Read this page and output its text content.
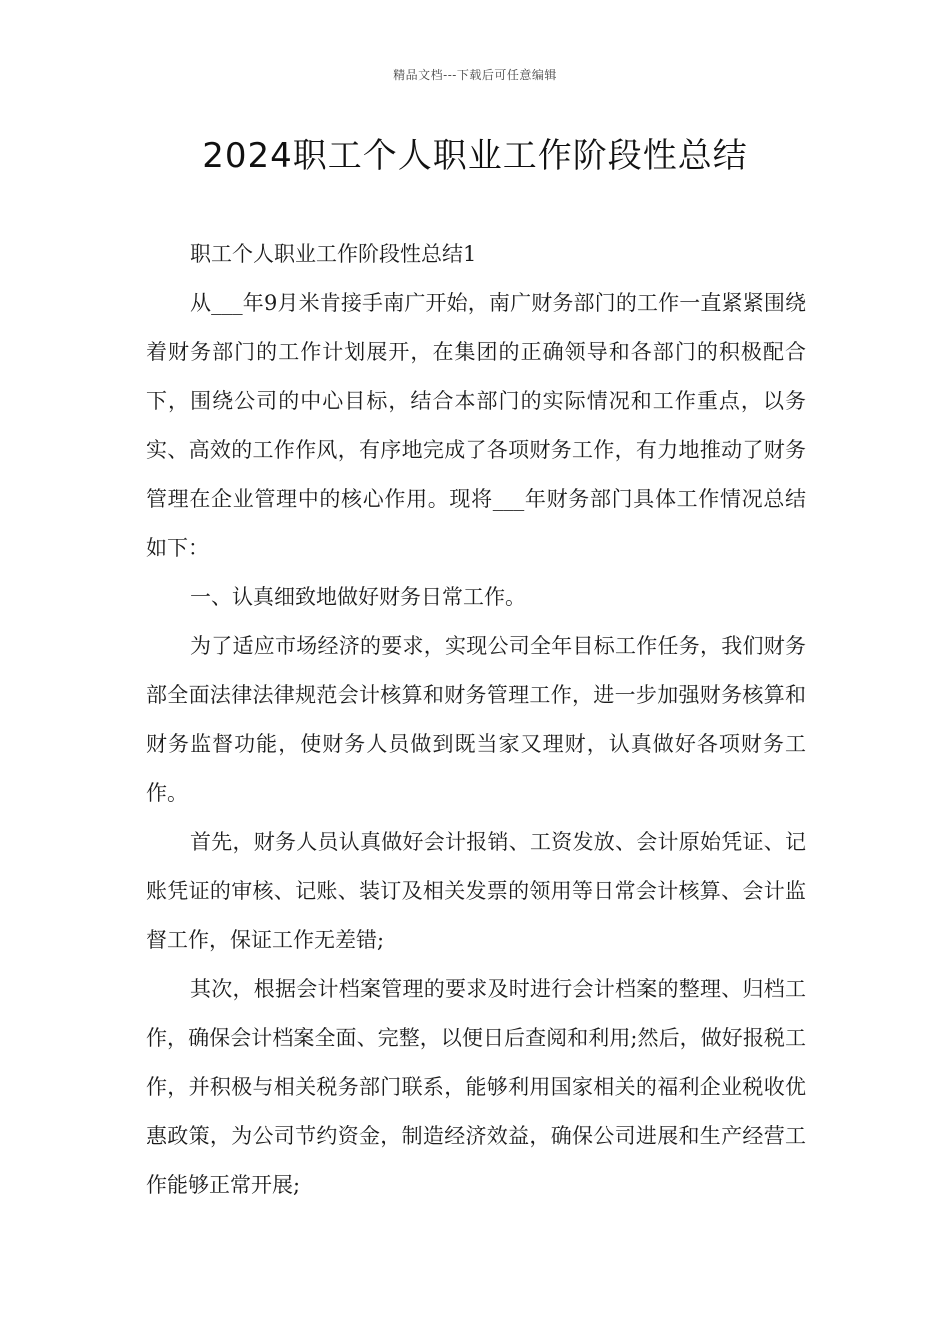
精品文档---下载后可任意编辑
2024职工个人职业工作阶段性总结

职工个人职业工作阶段性总结1

从___年9月米肯接手南广开始，南广财务部门的工作一直紧紧围绕着财务部门的工作计划展开，在集团的正确领导和各部门的积极配合下，围绕公司的中心目标，结合本部门的实际情况和工作重点，以务实、高效的工作作风，有序地完成了各项财务工作，有力地推动了财务管理在企业管理中的核心作用。现将___年财务部门具体工作情况总结如下：

一、认真细致地做好财务日常工作。

为了适应市场经济的要求，实现公司全年目标工作任务，我们财务部全面法律法律规范会计核算和财务管理工作，进一步加强财务核算和财务监督功能，使财务人员做到既当家又理财，认真做好各项财务工作。

首先，财务人员认真做好会计报销、工资发放、会计原始凭证、记账凭证的审核、记账、装订及相关发票的领用等日常会计核算、会计监督工作，保证工作无差错;

其次，根据会计档案管理的要求及时进行会计档案的整理、归档工作，确保会计档案全面、完整，以便日后查阅和利用;然后，做好报税工作，并积极与相关税务部门联系，能够利用国家相关的福利企业税收优惠政策，为公司节约资金，制造经济效益，确保公司进展和生产经营工作能够正常开展;
